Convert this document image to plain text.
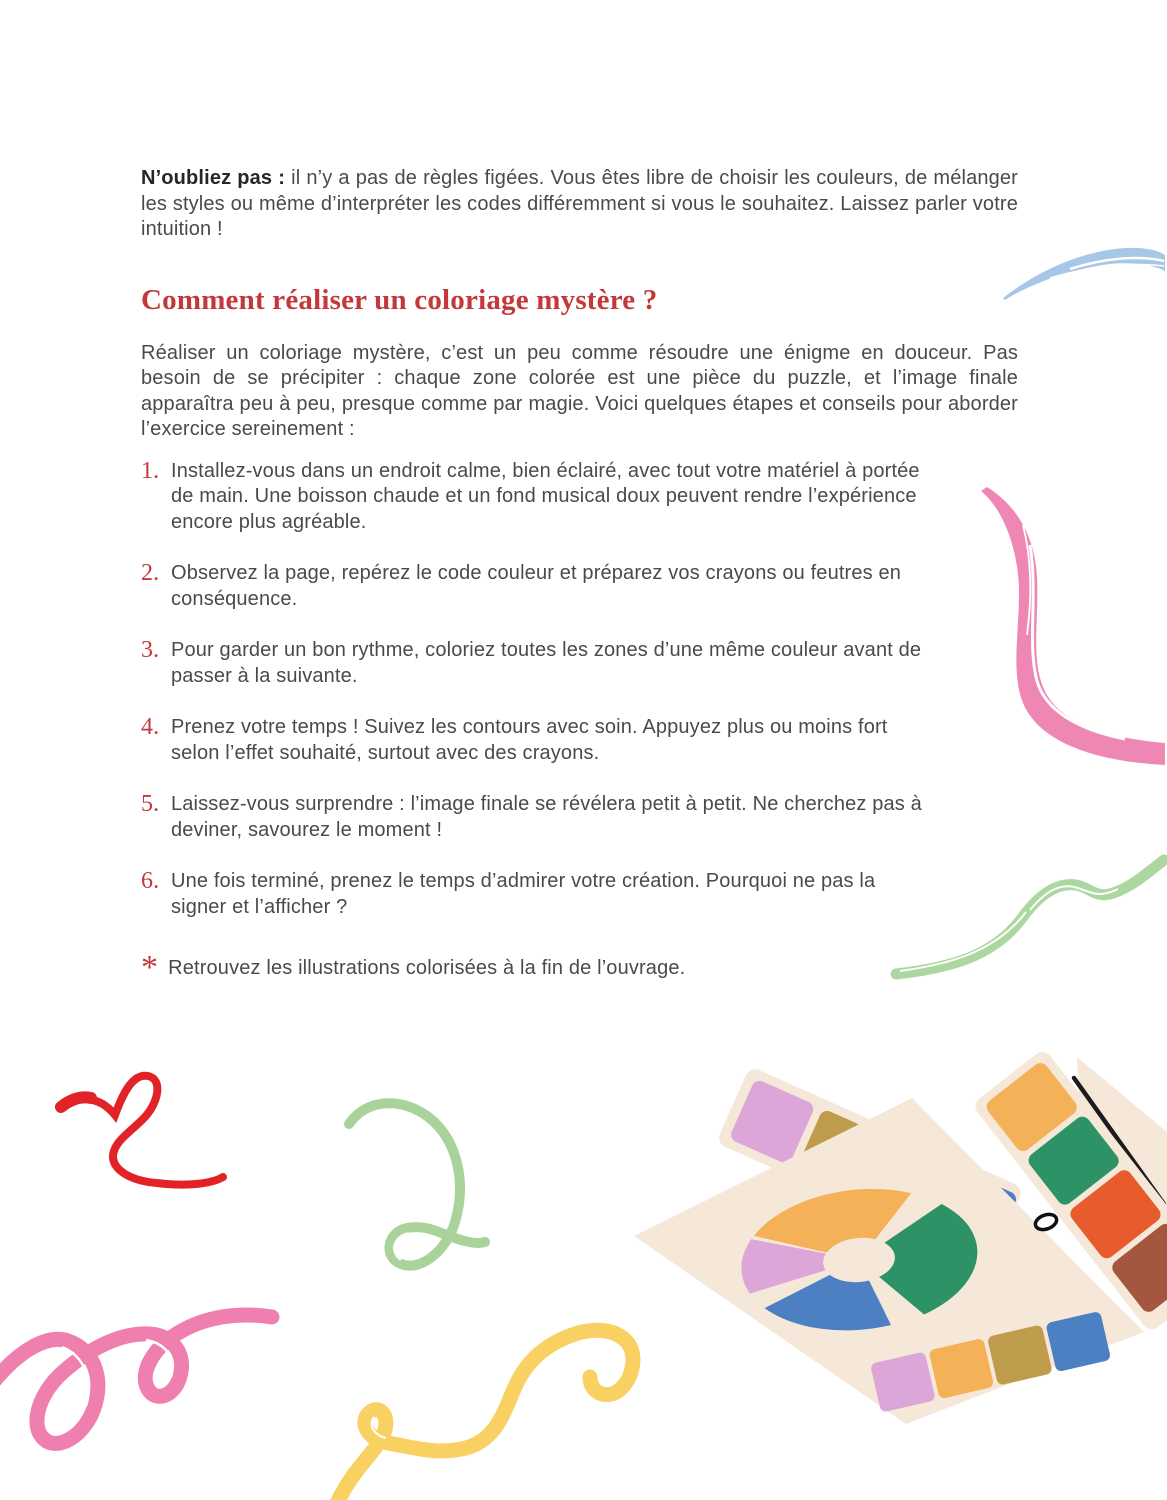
N’oubliez pas : il n’y a pas de règles figées. Vous êtes libre de choisir les couleurs, de mélanger les styles ou même d’interpréter les codes différemment si vous le souhaitez. Laissez parler votre intuition !

Comment réaliser un coloriage mystère ?

Réaliser un coloriage mystère, c’est un peu comme résoudre une énigme en douceur. Pas besoin de se précipiter : chaque zone colorée est une pièce du puzzle, et l’image finale apparaîtra peu à peu, presque comme par magie. Voici quelques étapes et conseils pour aborder l’exercice sereinement :

1. Installez-vous dans un endroit calme, bien éclairé, avec tout votre matériel à portée de main. Une boisson chaude et un fond musical doux peuvent rendre l’expérience encore plus agréable.
2. Observez la page, repérez le code couleur et préparez vos crayons ou feutres en conséquence.
3. Pour garder un bon rythme, coloriez toutes les zones d’une même couleur avant de passer à la suivante.
4. Prenez votre temps ! Suivez les contours avec soin. Appuyez plus ou moins fort selon l’effet souhaité, surtout avec des crayons.
5. Laissez-vous surprendre : l’image finale se révélera petit à petit. Ne cherchez pas à deviner, savourez le moment !
6. Une fois terminé, prenez le temps d’admirer votre création. Pourquoi ne pas la signer et l’afficher ?
* Retrouvez les illustrations colorisées à la fin de l’ouvrage.
